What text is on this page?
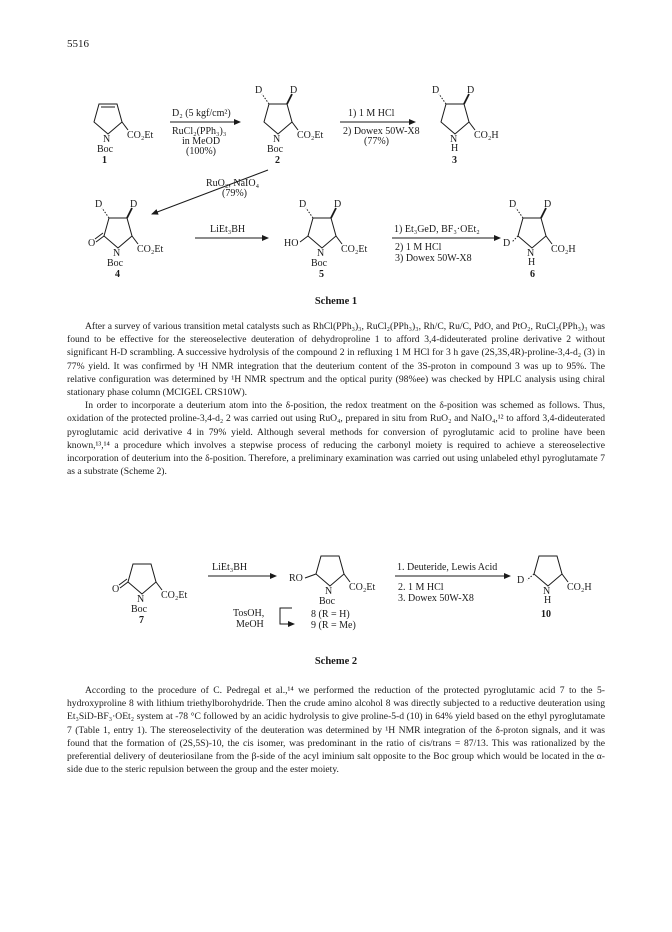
5516
N CO₂Et
Boc
1
D₂ (5 kgf/cm²)
RuCl₂(PPh₃)₃
in MeOD
(100%)
D	D
N CO₂Et
Boc
2
1) 1 M HCl
2) Dowex 50W-X8
(77%)
D	D
N
H
CO₂H
3
RuO₂, NaIO₄
(79%)
D	D
O
N CO₂Et
Boc
4
LiEt₃BH
D	D
HO
N CO₂Et
Boc
5
1) Et₃GeD, BF₃·OEt₂
2) 1 M HCl
3) Dowex 50W-X8
D	D
D
N
H
CO₂H
6
Scheme 1

After a survey of various transition metal catalysts such as RhCl(PPh₃)₃, RuCl₂(PPh₃)₃, Rh/C, Ru/C, PdO, and PtO₂, RuCl₂(PPh₃)₃ was found to be effective for the stereoselective deuteration of dehydroproline 1 to afford 3,4-dideuterated proline derivative 2 without significant H-D scrambling. A successive hydrolysis of the compound 2 in refluxing 1 M HCl for 3 h gave (2S,3S,4R)-proline-3,4-d₂ (3) in 77% yield. It was confirmed by ¹H NMR integration that the deuterium content of the 3S-proton in compound 3 was up to 95%. The relative configuration was determined by ¹H NMR spectrum and the optical purity (98%ee) was checked by HPLC analysis using chiral stationary phase column (MCIGEL CRS10W).

In order to incorporate a deuterium atom into the δ-position, the redox treatment on the δ-position was schemed as follows. Thus, oxidation of the protected proline-3,4-d₂ 2 was carried out using RuO₄, prepared in situ from RuO₂ and NaIO₄,¹² to afford 3,4-dideuterated pyroglutamic acid derivative 4 in 79% yield. Although several methods for conversion of pyroglutamic acid to proline have been known,¹³,¹⁴ a procedure which involves a stepwise process of reducing the carbonyl moiety is required to achieve a stereoselective incorporation of deuterium into the δ-position. Therefore, a preliminary examination was carried out using unlabeled ethyl pyroglutamate 7 as a substrate (Scheme 2).

O
N CO₂Et
Boc
7
LiEt₃BH
RO
N CO₂Et
Boc
8 (R = H)
9 (R = Me)
TosOH,
MeOH
1. Deuteride, Lewis Acid
2. 1 M HCl
3. Dowex 50W-X8
D
N
H
CO₂H
10
Scheme 2

According to the procedure of C. Pedregal et al.,¹⁴ we performed the reduction of the protected pyroglutamic acid 7 to the 5-hydroxyproline 8 with lithium triethylborohydride. Then the crude amino alcohol 8 was directly subjected to a reductive deuteration using Et₃SiD-BF₃·OEt₂ system at -78 °C followed by an acidic hydrolysis to give proline-5-d (10) in 64% yield based on the ethyl pyroglutamate 7 (Table 1, entry 1). The stereoselectivity of the deuteration was determined by ¹H NMR integration of the δ-proton signals, and it was found that the formation of (2S,5S)-10, the cis isomer, was predominant in the ratio of cis/trans = 87/13. This was rationalized by the preferential delivery of deuteriosilane from the β-side of the acyl iminium salt opposite to the Boc group which would be located in the α-side due to the steric repulsion between the group and the ester moiety.
